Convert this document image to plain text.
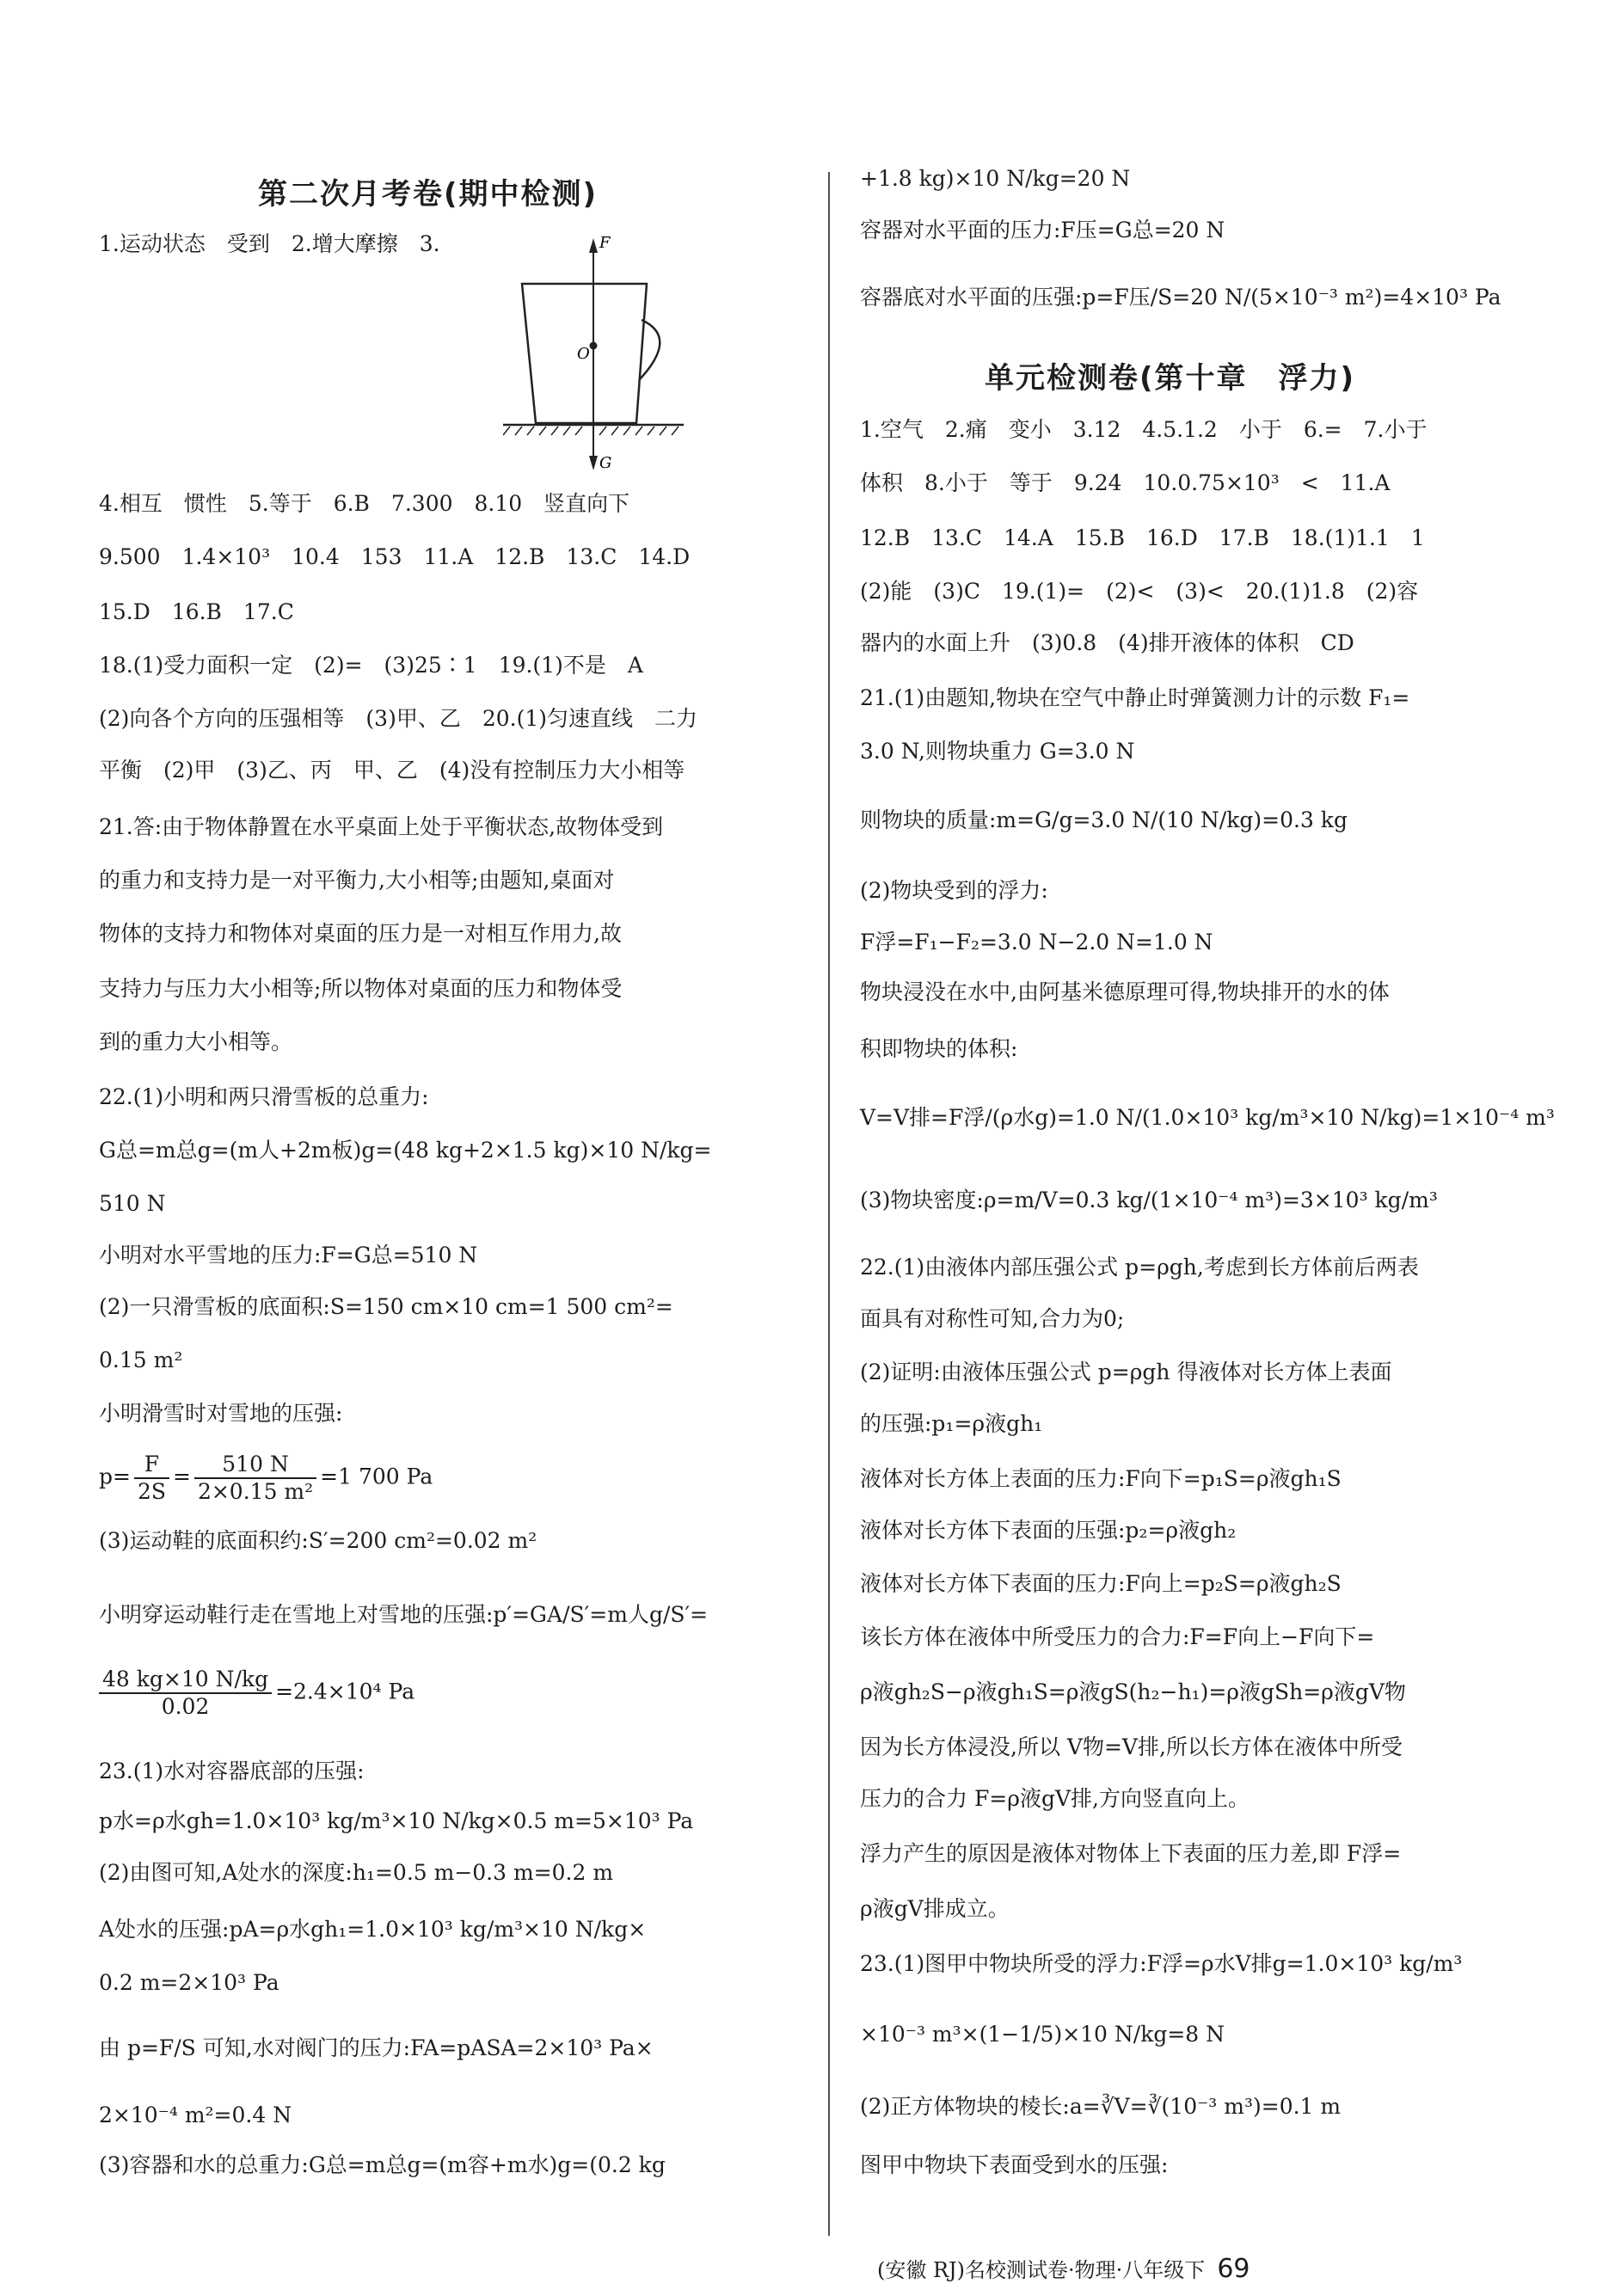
第二次月考卷(期中检测)
1.运动状态　受到　2.增大摩擦　3.	F
O
G
4.相互　惯性　5.等于　6.B　7.300　8.10　竖直向下
9.500　1.4×10³　10.4　153　11.A　12.B　13.C　14.D
15.D　16.B　17.C
18.(1)受力面积一定　(2)=　(3)25∶1　19.(1)不是　A
(2)向各个方向的压强相等　(3)甲、乙　20.(1)匀速直线　二力
平衡　(2)甲　(3)乙、丙　甲、乙　(4)没有控制压力大小相等
21.答:由于物体静置在水平桌面上处于平衡状态,故物体受到
的重力和支持力是一对平衡力,大小相等;由题知,桌面对
物体的支持力和物体对桌面的压力是一对相互作用力,故
支持力与压力大小相等;所以物体对桌面的压力和物体受
到的重力大小相等。
22.(1)小明和两只滑雪板的总重力:
G总=m总g=(m人+2m板)g=(48 kg+2×1.5 kg)×10 N/kg=
510 N
小明对水平雪地的压力:F=G总=510 N
(2)一只滑雪板的底面积:S=150 cm×10 cm=1 500 cm²=
0.15 m²
小明滑雪时对雪地的压强:
$p= \frac{F}{2S} = \frac{510 N}{\text{2×0.15 m²}} =1$ 700 Pa
(3)运动鞋的底面积约:S′=200 cm²=0.02 m²
小明穿运动鞋行走在雪地上对雪地的压强:p′=GA/S′=m人g/S′=
$\frac{48 kg\times 10 N/kg}{0.02} =2.4\times 10^4$ Pa
23.(1)水对容器底部的压强:
p水=ρ水gh=1.0×10³ kg/m³×10 N/kg×0.5 m=5×10³ Pa
(2)由图可知,A处水的深度:h₁=0.5 m−0.3 m=0.2 m
A处水的压强:pA=ρ水gh₁=1.0×10³ kg/m³×10 N/kg×
0.2 m=2×10³ Pa
由 p=F/S 可知,水对阀门的压力:FA=pASA=2×10³ Pa×
2×10⁻⁴ m²=0.4 N
(3)容器和水的总重力:G总=m总g=(m容+m水)g=(0.2 kg
+1.8 kg)×10 N/kg=20 N
容器对水平面的压力:F压=G总=20 N
容器底对水平面的压强:p=F压/S=20 N/(5×10⁻³ m²)=4×10³ Pa
单元检测卷(第十章　浮力)
1.空气　2.痛　变小　3.12　4.5.1.2　小于　6.=　7.小于
体积　8.小于　等于　9.24　10.0.75×10³　<　11.A
12.B　13.C　14.A　15.B　16.D　17.B　18.(1)1.1　1
(2)能　(3)C　19.(1)=　(2)<　(3)<　20.(1)1.8　(2)容
器内的水面上升　(3)0.8　(4)排开液体的体积　CD
21.(1)由题知,物块在空气中静止时弹簧测力计的示数 F₁=
3.0 N,则物块重力 G=3.0 N
则物块的质量:m=G/g=3.0 N/(10 N/kg)=0.3 kg
(2)物块受到的浮力:
F浮=F₁−F₂=3.0 N−2.0 N=1.0 N
物块浸没在水中,由阿基米德原理可得,物块排开的水的体
积即物块的体积:
V=V排=F浮/(ρ水g)=1.0 N/(1.0×10³ kg/m³×10 N/kg)=1×10⁻⁴ m³
(3)物块密度:ρ=m/V=0.3 kg/(1×10⁻⁴ m³)=3×10³ kg/m³
22.(1)由液体内部压强公式 p=ρgh,考虑到长方体前后两表
面具有对称性可知,合力为0;
(2)证明:由液体压强公式 p=ρgh 得液体对长方体上表面
的压强:p₁=ρ液gh₁
液体对长方体上表面的压力:F向下=p₁S=ρ液gh₁S
液体对长方体下表面的压强:p₂=ρ液gh₂
液体对长方体下表面的压力:F向上=p₂S=ρ液gh₂S
该长方体在液体中所受压力的合力:F=F向上−F向下=
ρ液gh₂S−ρ液gh₁S=ρ液gS(h₂−h₁)=ρ液gSh=ρ液gV物
因为长方体浸没,所以 V物=V排,所以长方体在液体中所受
压力的合力 F=ρ液gV排,方向竖直向上。
浮力产生的原因是液体对物体上下表面的压力差,即 F浮=
ρ液gV排成立。
23.(1)图甲中物块所受的浮力:F浮=ρ水V排g=1.0×10³ kg/m³
×10⁻³ m³×(1−1/5)×10 N/kg=8 N
(2)正方体物块的棱长:a=∛V=∛(10⁻³ m³)=0.1 m
图甲中物块下表面受到水的压强:
(安徽 RJ)名校测试卷·物理·八年级下 69
